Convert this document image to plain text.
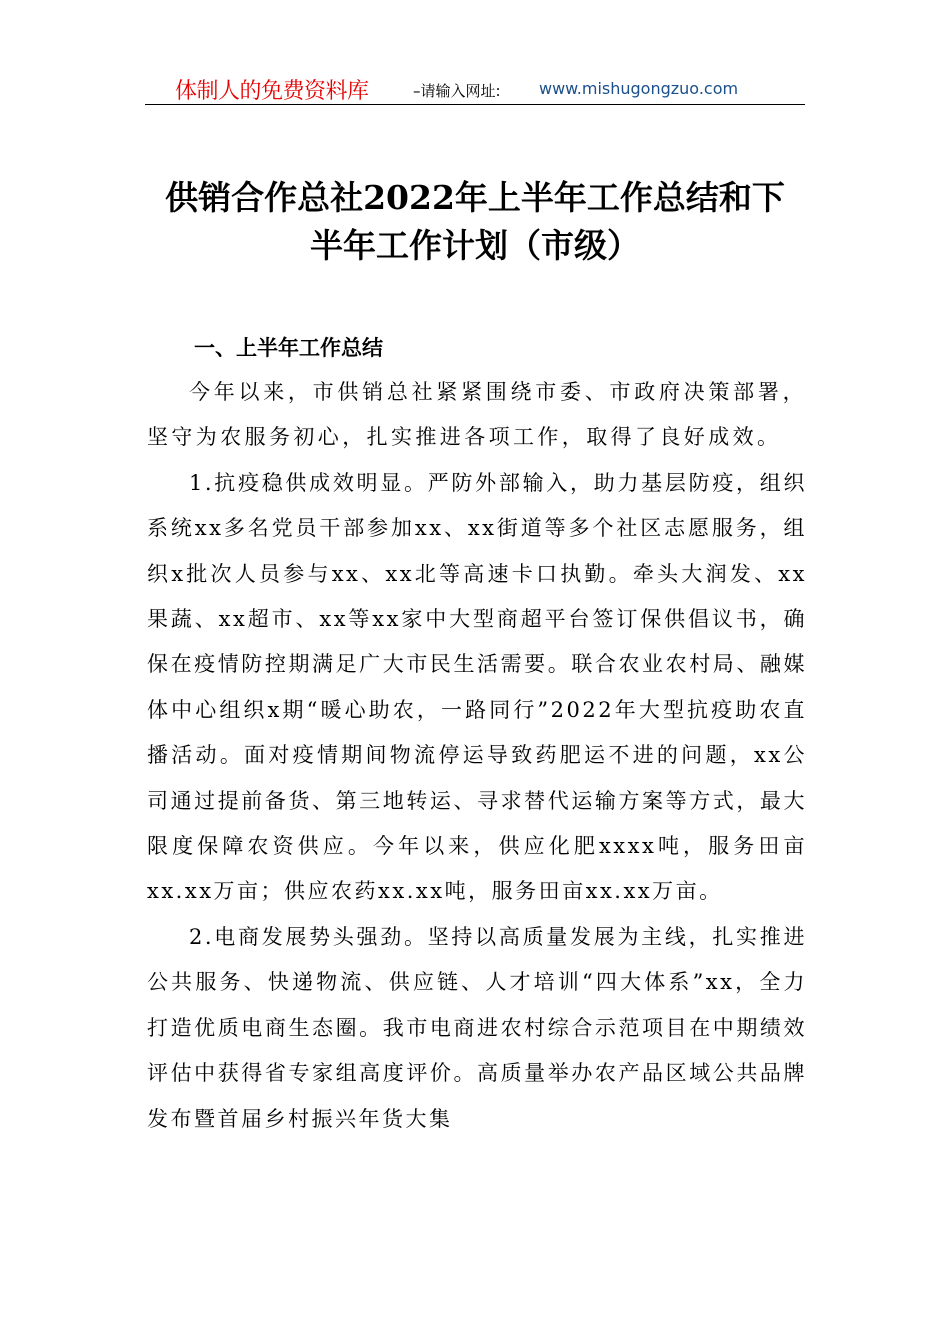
体制人的免费资料库	–请输入网址: www.mishugongzuo.com
供销合作总社2022年上半年工作总结和下
半年工作计划（市级）
一、上半年工作总结

今年以来，市供销总社紧紧围绕市委、市政府决策部署，坚守为农服务初心，扎实推进各项工作，取得了良好成效。

1.抗疫稳供成效明显。严防外部输入，助力基层防疫，组织系统xx多名党员干部参加xx、xx街道等多个社区志愿服务，组织x批次人员参与xx、xx北等高速卡口执勤。牵头大润发、xx果蔬、xx超市、xx等xx家中大型商超平台签订保供倡议书，确保在疫情防控期满足广大市民生活需要。联合农业农村局、融媒体中心组织x期“暖心助农，一路同行”2022年大型抗疫助农直播活动。面对疫情期间物流停运导致药肥运不进的问题，xx公司通过提前备货、第三地转运、寻求替代运输方案等方式，最大限度保障农资供应。今年以来，供应化肥xxxx吨，服务田亩xx.xx万亩；供应农药xx.xx吨，服务田亩xx.xx万亩。

2.电商发展势头强劲。坚持以高质量发展为主线，扎实推进公共服务、快递物流、供应链、人才培训“四大体系”xx，全力打造优质电商生态圈。我市电商进农村综合示范项目在中期绩效评估中获得省专家组高度评价。高质量举办农产品区域公共品牌发布暨首届乡村振兴年货大集
